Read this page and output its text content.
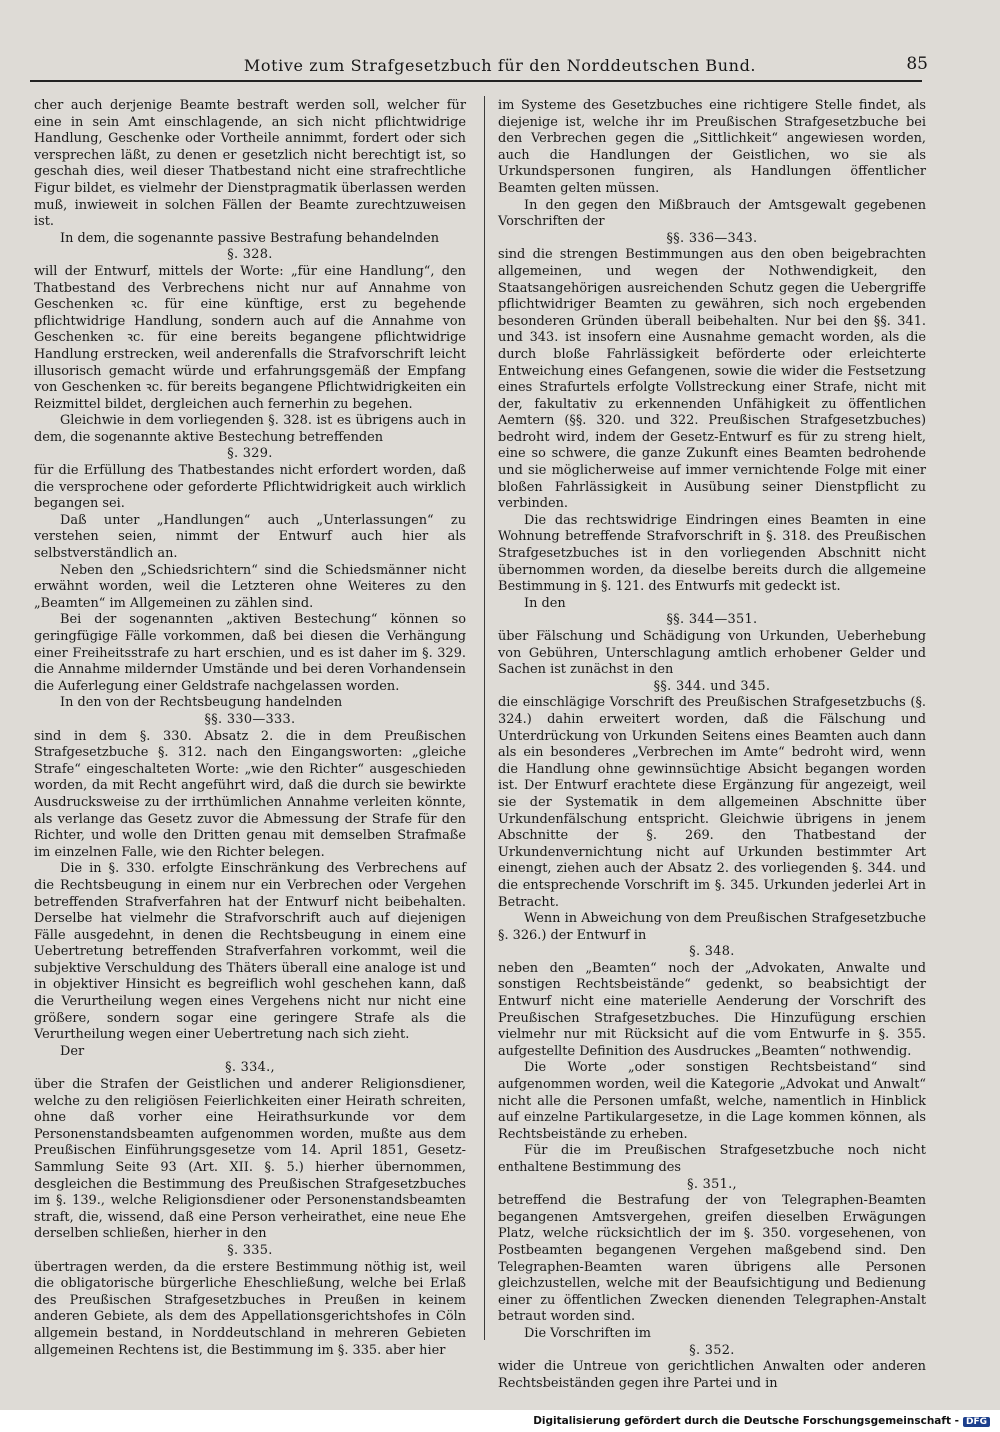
Motive zum Strafgesetzbuch für den Norddeutschen Bund.	85

cher auch derjenige Beamte bestraft werden soll, welcher für eine in sein Amt einschlagende, an sich nicht pflichtwidrige Handlung, Geschenke oder Vortheile annimmt, fordert oder sich versprechen läßt, zu denen er gesetzlich nicht berechtigt ist, so geschah dies, weil dieser Thatbestand nicht eine strafrechtliche Figur bildet, es vielmehr der Dienstpragmatik überlassen werden muß, inwieweit in solchen Fällen der Beamte zurechtzuweisen ist.

In dem, die sogenannte passive Bestrafung behandelnden

§. 328.

will der Entwurf, mittels der Worte: „für eine Handlung“, den Thatbestand des Verbrechens nicht nur auf Annahme von Geschenken ꝛc. für eine künftige, erst zu begehende pflichtwidrige Handlung, sondern auch auf die Annahme von Geschenken ꝛc. für eine bereits begangene pflichtwidrige Handlung erstrecken, weil anderenfalls die Strafvorschrift leicht illusorisch gemacht würde und erfahrungsgemäß der Empfang von Geschenken ꝛc. für bereits begangene Pflichtwidrigkeiten ein Reizmittel bildet, dergleichen auch fernerhin zu begehen.

Gleichwie in dem vorliegenden §. 328. ist es übrigens auch in dem, die sogenannte aktive Bestechung betreffenden

§. 329.

für die Erfüllung des Thatbestandes nicht erfordert worden, daß die versprochene oder geforderte Pflichtwidrigkeit auch wirklich begangen sei.

Daß unter „Handlungen“ auch „Unterlassungen“ zu verstehen seien, nimmt der Entwurf auch hier als selbstverständlich an.

Neben den „Schiedsrichtern“ sind die Schiedsmänner nicht erwähnt worden, weil die Letzteren ohne Weiteres zu den „Beamten“ im Allgemeinen zu zählen sind.

Bei der sogenannten „aktiven Bestechung“ können so geringfügige Fälle vorkommen, daß bei diesen die Verhängung einer Freiheitsstrafe zu hart erschien, und es ist daher im §. 329. die Annahme mildernder Umstände und bei deren Vorhandensein die Auferlegung einer Geldstrafe nachgelassen worden.

In den von der Rechtsbeugung handelnden

§§. 330—333.

sind in dem §. 330. Absatz 2. die in dem Preußischen Strafgesetzbuche §. 312. nach den Eingangsworten: „gleiche Strafe“ eingeschalteten Worte: „wie den Richter“ ausgeschieden worden, da mit Recht angeführt wird, daß die durch sie bewirkte Ausdrucksweise zu der irrthümlichen Annahme verleiten könnte, als verlange das Gesetz zuvor die Abmessung der Strafe für den Richter, und wolle den Dritten genau mit demselben Strafmaße im einzelnen Falle, wie den Richter belegen.

Die in §. 330. erfolgte Einschränkung des Verbrechens auf die Rechtsbeugung in einem nur ein Verbrechen oder Vergehen betreffenden Strafverfahren hat der Entwurf nicht beibehalten. Derselbe hat vielmehr die Strafvorschrift auch auf diejenigen Fälle ausgedehnt, in denen die Rechtsbeugung in einem eine Uebertretung betreffenden Strafverfahren vorkommt, weil die subjektive Verschuldung des Thäters überall eine analoge ist und in objektiver Hinsicht es begreiflich wohl geschehen kann, daß die Verurtheilung wegen eines Vergehens nicht nur nicht eine größere, sondern sogar eine geringere Strafe als die Verurtheilung wegen einer Uebertretung nach sich zieht.

Der

§. 334.,

über die Strafen der Geistlichen und anderer Religionsdiener, welche zu den religiösen Feierlichkeiten einer Heirath schreiten, ohne daß vorher eine Heirathsurkunde vor dem Personenstandsbeamten aufgenommen worden, mußte aus dem Preußischen Einführungsgesetze vom 14. April 1851, Gesetz-Sammlung Seite 93 (Art. XII. §. 5.) hierher übernommen, desgleichen die Bestimmung des Preußischen Strafgesetzbuches im §. 139., welche Religionsdiener oder Personenstandsbeamten straft, die, wissend, daß eine Person verheirathet, eine neue Ehe derselben schließen, hierher in den

§. 335.

übertragen werden, da die erstere Bestimmung nöthig ist, weil die obligatorische bürgerliche Eheschließung, welche bei Erlaß des Preußischen Strafgesetzbuches in Preußen in keinem anderen Gebiete, als dem des Appellationsgerichtshofes in Cöln allgemein bestand, in Norddeutschland in mehreren Gebieten allgemeinen Rechtens ist, die Bestimmung im §. 335. aber hier

im Systeme des Gesetzbuches eine richtigere Stelle findet, als diejenige ist, welche ihr im Preußischen Strafgesetzbuche bei den Verbrechen gegen die „Sittlichkeit“ angewiesen worden, auch die Handlungen der Geistlichen, wo sie als Urkundspersonen fungiren, als Handlungen öffentlicher Beamten gelten müssen.

In den gegen den Mißbrauch der Amtsgewalt gegebenen Vorschriften der

§§. 336—343.

sind die strengen Bestimmungen aus den oben beigebrachten allgemeinen, und wegen der Nothwendigkeit, den Staatsangehörigen ausreichenden Schutz gegen die Uebergriffe pflichtwidriger Beamten zu gewähren, sich noch ergebenden besonderen Gründen überall beibehalten. Nur bei den §§. 341. und 343. ist insofern eine Ausnahme gemacht worden, als die durch bloße Fahrlässigkeit beförderte oder erleichterte Entweichung eines Gefangenen, sowie die wider die Festsetzung eines Strafurtels erfolgte Vollstreckung einer Strafe, nicht mit der, fakultativ zu erkennenden Unfähigkeit zu öffentlichen Aemtern (§§. 320. und 322. Preußischen Strafgesetzbuches) bedroht wird, indem der Gesetz-Entwurf es für zu streng hielt, eine so schwere, die ganze Zukunft eines Beamten bedrohende und sie möglicherweise auf immer vernichtende Folge mit einer bloßen Fahrlässigkeit in Ausübung seiner Dienstpflicht zu verbinden.

Die das rechtswidrige Eindringen eines Beamten in eine Wohnung betreffende Strafvorschrift in §. 318. des Preußischen Strafgesetzbuches ist in den vorliegenden Abschnitt nicht übernommen worden, da dieselbe bereits durch die allgemeine Bestimmung in §. 121. des Entwurfs mit gedeckt ist.

In den

§§. 344—351.

über Fälschung und Schädigung von Urkunden, Ueberhebung von Gebühren, Unterschlagung amtlich erhobener Gelder und Sachen ist zunächst in den

§§. 344. und 345.

die einschlägige Vorschrift des Preußischen Strafgesetzbuchs (§. 324.) dahin erweitert worden, daß die Fälschung und Unterdrückung von Urkunden Seitens eines Beamten auch dann als ein besonderes „Verbrechen im Amte“ bedroht wird, wenn die Handlung ohne gewinnsüchtige Absicht begangen worden ist. Der Entwurf erachtete diese Ergänzung für angezeigt, weil sie der Systematik in dem allgemeinen Abschnitte über Urkundenfälschung entspricht. Gleichwie übrigens in jenem Abschnitte der §. 269. den Thatbestand der Urkundenvernichtung nicht auf Urkunden bestimmter Art einengt, ziehen auch der Absatz 2. des vorliegenden §. 344. und die entsprechende Vorschrift im §. 345. Urkunden jederlei Art in Betracht.

Wenn in Abweichung von dem Preußischen Strafgesetzbuche §. 326.) der Entwurf in

§. 348.

neben den „Beamten“ noch der „Advokaten, Anwalte und sonstigen Rechtsbeistände“ gedenkt, so beabsichtigt der Entwurf nicht eine materielle Aenderung der Vorschrift des Preußischen Strafgesetzbuches. Die Hinzufügung erschien vielmehr nur mit Rücksicht auf die vom Entwurfe in §. 355. aufgestellte Definition des Ausdruckes „Beamten“ nothwendig.

Die Worte „oder sonstigen Rechtsbeistand“ sind aufgenommen worden, weil die Kategorie „Advokat und Anwalt“ nicht alle die Personen umfaßt, welche, namentlich in Hinblick auf einzelne Partikulargesetze, in die Lage kommen können, als Rechtsbeistände zu erheben.

Für die im Preußischen Strafgesetzbuche noch nicht enthaltene Bestimmung des

§. 351.,

betreffend die Bestrafung der von Telegraphen-Beamten begangenen Amtsvergehen, greifen dieselben Erwägungen Platz, welche rücksichtlich der im §. 350. vorgesehenen, von Postbeamten begangenen Vergehen maßgebend sind. Den Telegraphen-Beamten waren übrigens alle Personen gleichzustellen, welche mit der Beaufsichtigung und Bedienung einer zu öffentlichen Zwecken dienenden Telegraphen-Anstalt betraut worden sind.

Die Vorschriften im

§. 352.

wider die Untreue von gerichtlichen Anwalten oder anderen Rechtsbeiständen gegen ihre Partei und in

Digitalisierung gefördert durch die Deutsche Forschungsgemeinschaft - DFG
